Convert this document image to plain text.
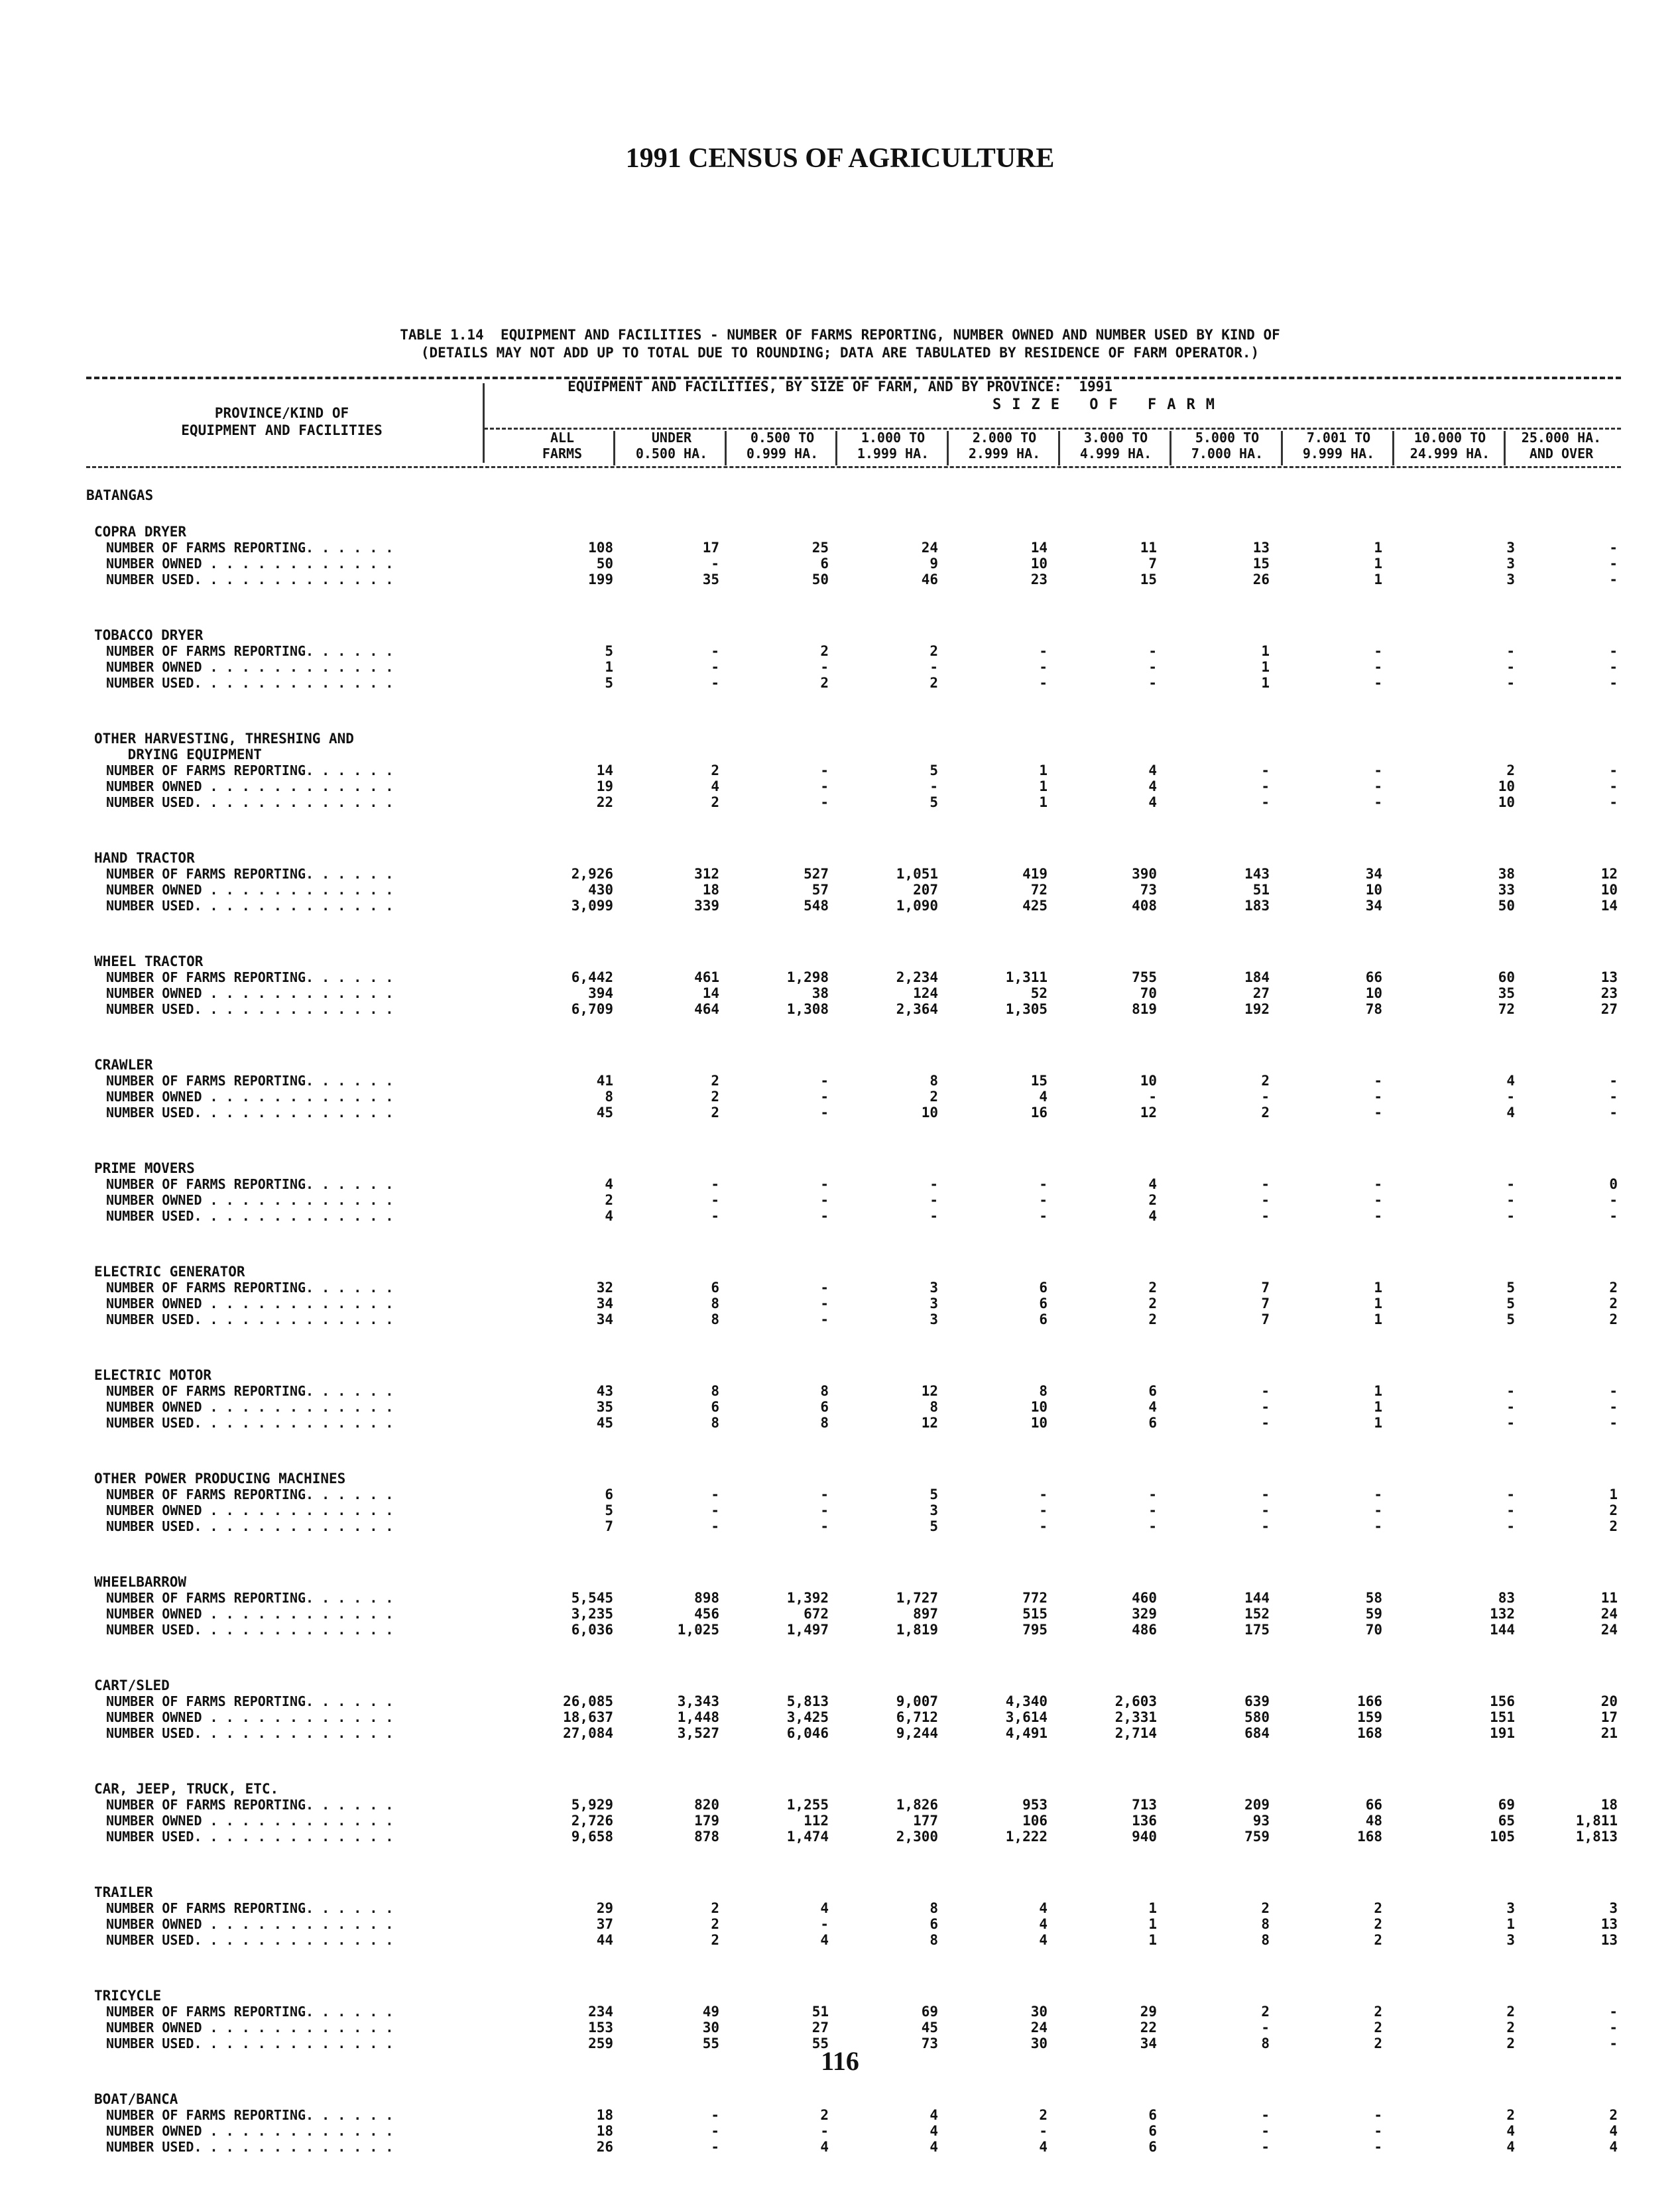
1991 CENSUS OF AGRICULTURE

TABLE 1.14  EQUIPMENT AND FACILITIES - NUMBER OF FARMS REPORTING, NUMBER OWNED AND NUMBER USED BY KIND OF

EQUIPMENT AND FACILITIES, BY SIZE OF FARM, AND BY PROVINCE:  1991

(DETAILS MAY NOT ADD UP TO TOTAL DUE TO ROUNDING; DATA ARE TABULATED BY RESIDENCE OF FARM OPERATOR.)
PROVINCE/KIND OF
EQUIPMENT AND FACILITIES
SIZE OF FARM
ALL
FARMS
UNDER
0.500 HA.
0.500 TO
0.999 HA.
1.000 TO
1.999 HA.
2.000 TO
2.999 HA.
3.000 TO
4.999 HA.
5.000 TO
7.000 HA.
7.001 TO
9.999 HA.
10.000 TO
24.999 HA.
25.000 HA.
AND OVER
BATANGAS
COPRA DRYER
NUMBER OF FARMS REPORTING. . . . . .	108	17	25	24	14	11	13	1	3	-
NUMBER OWNED . . . . . . . . . . . .	50	-	6	9	10	7	15	1	3	-
NUMBER USED. . . . . . . . . . . . .	199	35	50	46	23	15	26	1	3	-
TOBACCO DRYER
NUMBER OF FARMS REPORTING. . . . . .	5	-	2	2	-	-	1	-	-	-
NUMBER OWNED . . . . . . . . . . . .	1	-	-	-	-	-	1	-	-	-
NUMBER USED. . . . . . . . . . . . .	5	-	2	2	-	-	1	-	-	-
OTHER HARVESTING, THRESHING AND
DRYING EQUIPMENT
NUMBER OF FARMS REPORTING. . . . . .	14	2	-	5	1	4	-	-	2	-
NUMBER OWNED . . . . . . . . . . . .	19	4	-	-	1	4	-	-	10	-
NUMBER USED. . . . . . . . . . . . .	22	2	-	5	1	4	-	-	10	-
HAND TRACTOR
NUMBER OF FARMS REPORTING. . . . . .	2,926	312	527	1,051	419	390	143	34	38	12
NUMBER OWNED . . . . . . . . . . . .	430	18	57	207	72	73	51	10	33	10
NUMBER USED. . . . . . . . . . . . .	3,099	339	548	1,090	425	408	183	34	50	14
WHEEL TRACTOR
NUMBER OF FARMS REPORTING. . . . . .	6,442	461	1,298	2,234	1,311	755	184	66	60	13
NUMBER OWNED . . . . . . . . . . . .	394	14	38	124	52	70	27	10	35	23
NUMBER USED. . . . . . . . . . . . .	6,709	464	1,308	2,364	1,305	819	192	78	72	27
CRAWLER
NUMBER OF FARMS REPORTING. . . . . .	41	2	-	8	15	10	2	-	4	-
NUMBER OWNED . . . . . . . . . . . .	8	2	-	2	4	-	-	-	-	-
NUMBER USED. . . . . . . . . . . . .	45	2	-	10	16	12	2	-	4	-
PRIME MOVERS
NUMBER OF FARMS REPORTING. . . . . .	4	-	-	-	-	4	-	-	-	0
NUMBER OWNED . . . . . . . . . . . .	2	-	-	-	-	2	-	-	-	-
NUMBER USED. . . . . . . . . . . . .	4	-	-	-	-	4	-	-	-	-
ELECTRIC GENERATOR
NUMBER OF FARMS REPORTING. . . . . .	32	6	-	3	6	2	7	1	5	2
NUMBER OWNED . . . . . . . . . . . .	34	8	-	3	6	2	7	1	5	2
NUMBER USED. . . . . . . . . . . . .	34	8	-	3	6	2	7	1	5	2
ELECTRIC MOTOR
NUMBER OF FARMS REPORTING. . . . . .	43	8	8	12	8	6	-	1	-	-
NUMBER OWNED . . . . . . . . . . . .	35	6	6	8	10	4	-	1	-	-
NUMBER USED. . . . . . . . . . . . .	45	8	8	12	10	6	-	1	-	-
OTHER POWER PRODUCING MACHINES
NUMBER OF FARMS REPORTING. . . . . .	6	-	-	5	-	-	-	-	-	1
NUMBER OWNED . . . . . . . . . . . .	5	-	-	3	-	-	-	-	-	2
NUMBER USED. . . . . . . . . . . . .	7	-	-	5	-	-	-	-	-	2
WHEELBARROW
NUMBER OF FARMS REPORTING. . . . . .	5,545	898	1,392	1,727	772	460	144	58	83	11
NUMBER OWNED . . . . . . . . . . . .	3,235	456	672	897	515	329	152	59	132	24
NUMBER USED. . . . . . . . . . . . .	6,036	1,025	1,497	1,819	795	486	175	70	144	24
CART/SLED
NUMBER OF FARMS REPORTING. . . . . .	26,085	3,343	5,813	9,007	4,340	2,603	639	166	156	20
NUMBER OWNED . . . . . . . . . . . .	18,637	1,448	3,425	6,712	3,614	2,331	580	159	151	17
NUMBER USED. . . . . . . . . . . . .	27,084	3,527	6,046	9,244	4,491	2,714	684	168	191	21
CAR, JEEP, TRUCK, ETC.
NUMBER OF FARMS REPORTING. . . . . .	5,929	820	1,255	1,826	953	713	209	66	69	18
NUMBER OWNED . . . . . . . . . . . .	2,726	179	112	177	106	136	93	48	65	1,811
NUMBER USED. . . . . . . . . . . . .	9,658	878	1,474	2,300	1,222	940	759	168	105	1,813
TRAILER
NUMBER OF FARMS REPORTING. . . . . .	29	2	4	8	4	1	2	2	3	3
NUMBER OWNED . . . . . . . . . . . .	37	2	-	6	4	1	8	2	1	13
NUMBER USED. . . . . . . . . . . . .	44	2	4	8	4	1	8	2	3	13
TRICYCLE
NUMBER OF FARMS REPORTING. . . . . .	234	49	51	69	30	29	2	2	2	-
NUMBER OWNED . . . . . . . . . . . .	153	30	27	45	24	22	-	2	2	-
NUMBER USED. . . . . . . . . . . . .	259	55	55	73	30	34	8	2	2	-
BOAT/BANCA
NUMBER OF FARMS REPORTING. . . . . .	18	-	2	4	2	6	-	-	2	2
NUMBER OWNED . . . . . . . . . . . .	18	-	-	4	-	6	-	-	4	4
NUMBER USED. . . . . . . . . . . . .	26	-	4	4	4	6	-	-	4	4
116
